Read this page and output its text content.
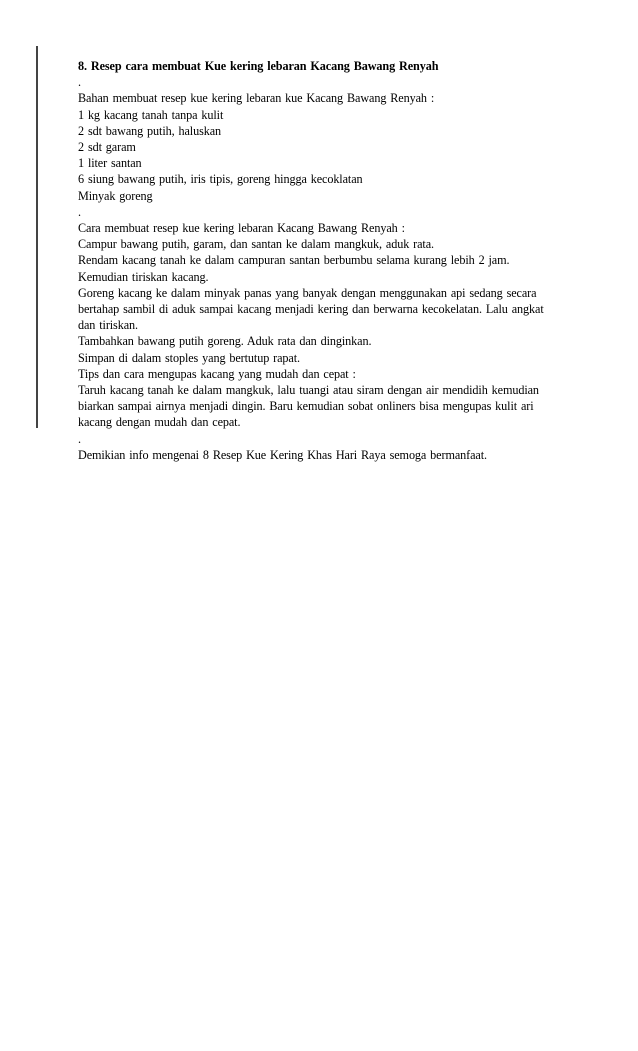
8. Resep cara membuat Kue kering lebaran Kacang Bawang Renyah
.
Bahan membuat resep kue kering lebaran kue Kacang Bawang Renyah :
1 kg kacang tanah tanpa kulit
2 sdt bawang putih, haluskan
2 sdt garam
1 liter santan
6 siung bawang putih, iris tipis, goreng hingga kecoklatan
Minyak goreng
.
Cara membuat resep kue kering lebaran Kacang Bawang Renyah :
Campur bawang putih, garam, dan santan ke dalam mangkuk, aduk rata.
Rendam kacang tanah ke dalam campuran santan berbumbu selama kurang lebih 2 jam.
Kemudian tiriskan kacang.
Goreng kacang ke dalam minyak panas yang banyak dengan menggunakan api sedang secara
bertahap sambil di aduk sampai kacang menjadi kering dan berwarna kecokelatan. Lalu angkat
dan tiriskan.
Tambahkan bawang putih goreng. Aduk rata dan dinginkan.
Simpan di dalam stoples yang bertutup rapat.
Tips dan cara mengupas kacang yang mudah dan cepat :
Taruh kacang tanah ke dalam mangkuk, lalu tuangi atau siram dengan air mendidih kemudian
biarkan sampai airnya menjadi dingin. Baru kemudian sobat onliners bisa mengupas kulit ari
kacang dengan mudah dan cepat.
.
Demikian info mengenai 8 Resep Kue Kering Khas Hari Raya semoga bermanfaat.
